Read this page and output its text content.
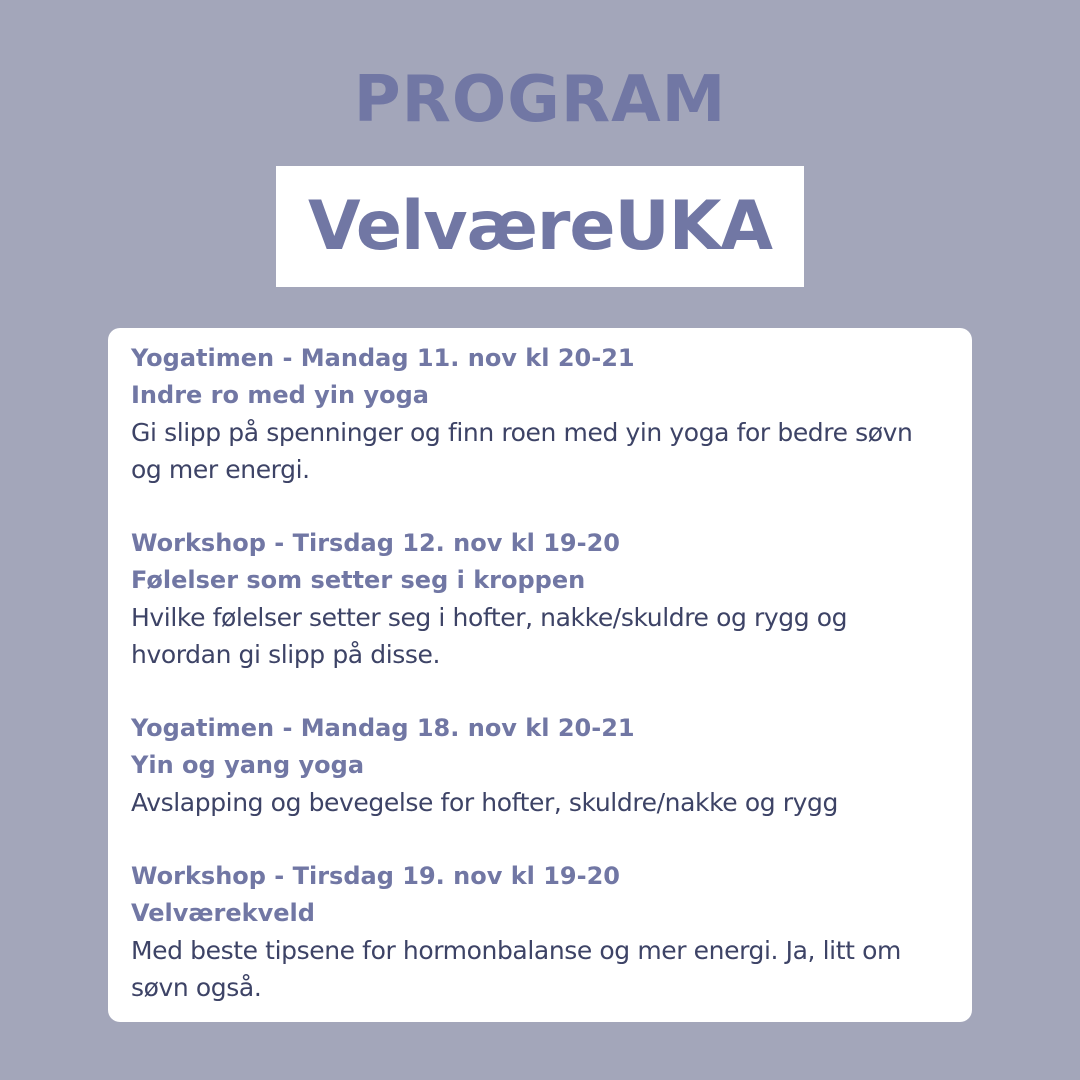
PROGRAM
VelværeUKA
Yogatimen - Mandag 11. nov kl 20-21
Indre ro med yin yoga
Gi slipp på spenninger og finn roen med yin yoga for bedre søvn og mer energi.
Workshop - Tirsdag 12. nov kl 19-20
Følelser som setter seg i kroppen
Hvilke følelser setter seg i hofter, nakke/skuldre og rygg og hvordan gi slipp på disse.
Yogatimen - Mandag 18. nov kl 20-21
Yin og yang yoga
Avslapping og bevegelse for hofter, skuldre/nakke og rygg
Workshop - Tirsdag 19. nov kl 19-20
Velværekveld
Med beste tipsene for hormonbalanse og mer energi. Ja, litt om søvn også.
